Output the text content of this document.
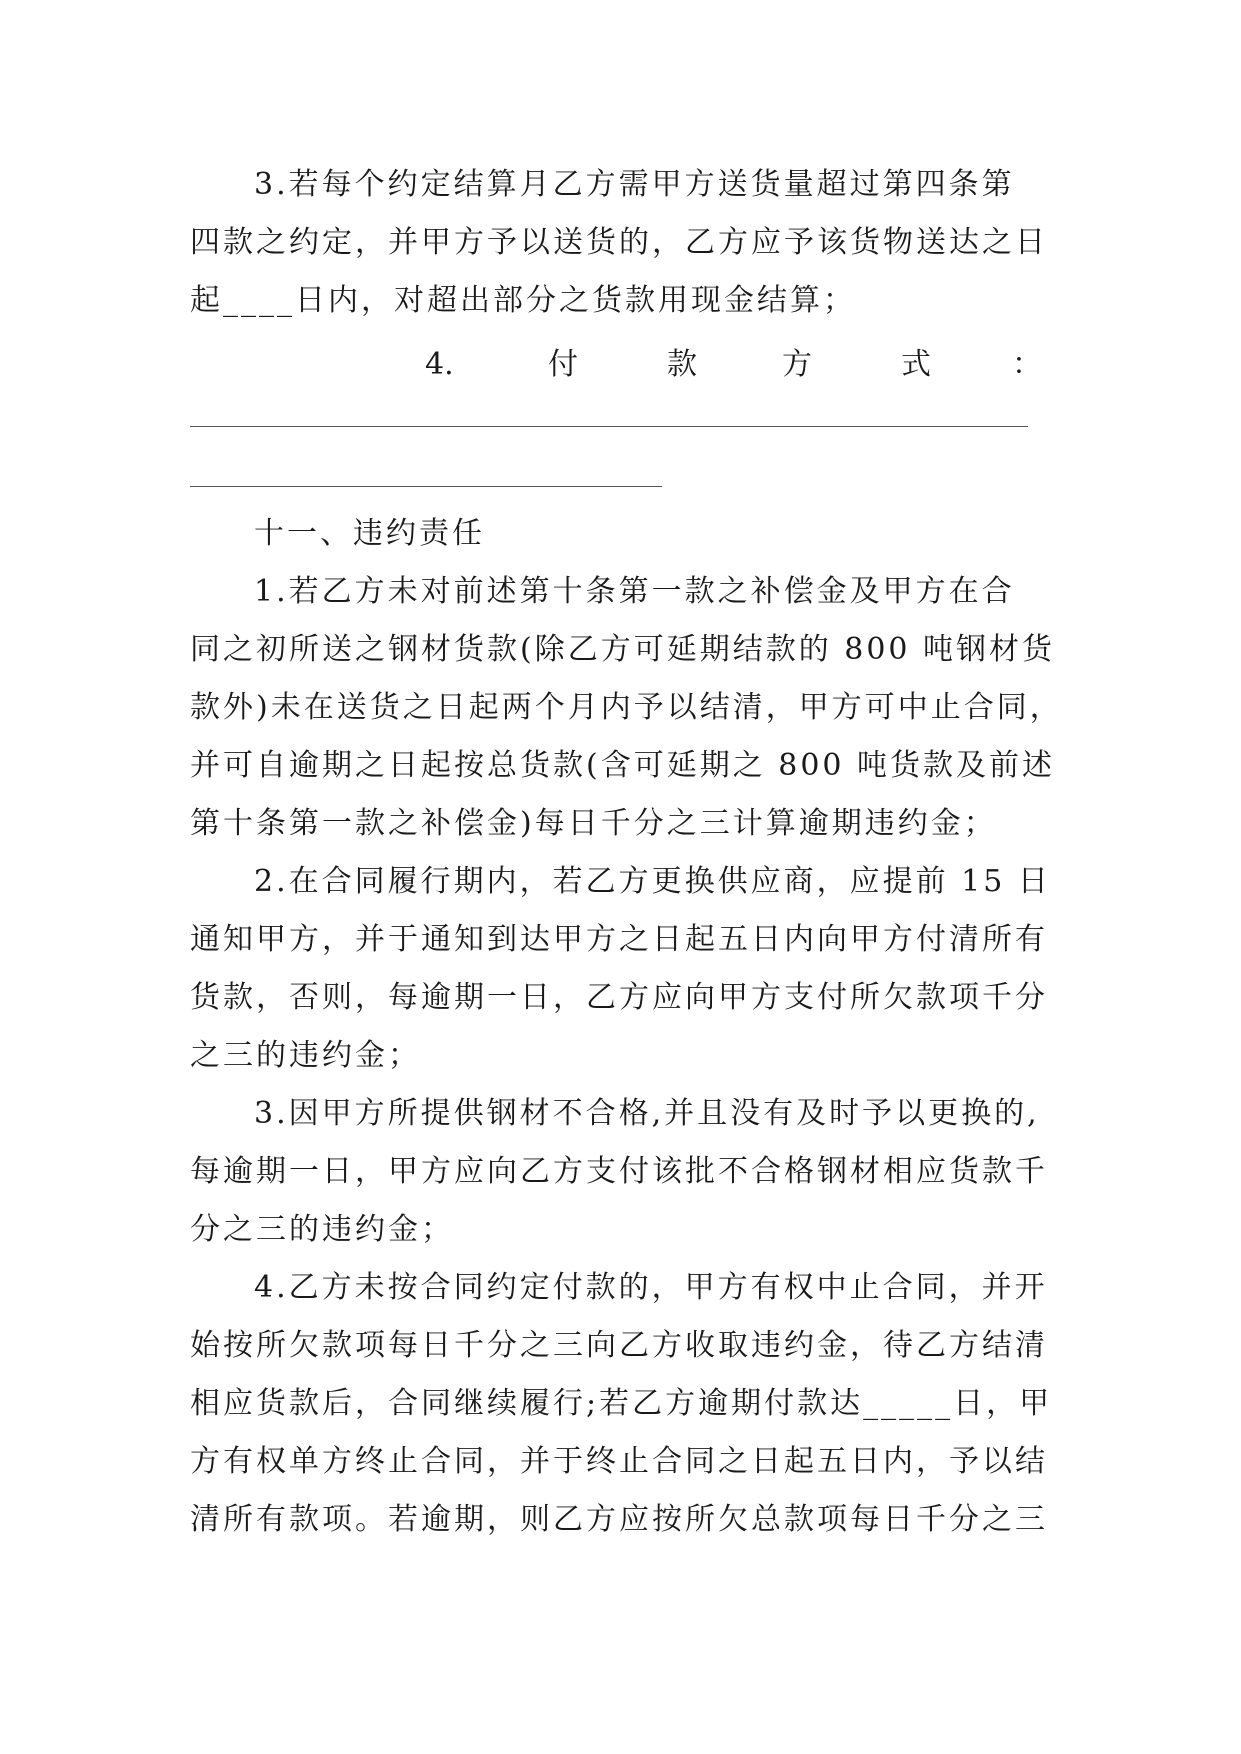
3.若每个约定结算月乙方需甲方送货量超过第四条第
四款之约定，并甲方予以送货的，乙方应予该货物送达之日
起____日内，对超出部分之货款用现金结算；
4.	付	款	方	式	：
十一、违约责任
1.若乙方未对前述第十条第一款之补偿金及甲方在合
同之初所送之钢材货款(除乙方可延期结款的 800 吨钢材货
款外)未在送货之日起两个月内予以结清，甲方可中止合同，
并可自逾期之日起按总货款(含可延期之 800 吨货款及前述
第十条第一款之补偿金)每日千分之三计算逾期违约金；
2.在合同履行期内，若乙方更换供应商，应提前 15 日
通知甲方，并于通知到达甲方之日起五日内向甲方付清所有
货款，否则，每逾期一日，乙方应向甲方支付所欠款项千分
之三的违约金；
3.因甲方所提供钢材不合格,并且没有及时予以更换的,
每逾期一日，甲方应向乙方支付该批不合格钢材相应货款千
分之三的违约金；
4.乙方未按合同约定付款的，甲方有权中止合同，并开
始按所欠款项每日千分之三向乙方收取违约金，待乙方结清
相应货款后，合同继续履行;若乙方逾期付款达_____日，甲
方有权单方终止合同，并于终止合同之日起五日内，予以结
清所有款项。若逾期，则乙方应按所欠总款项每日千分之三
